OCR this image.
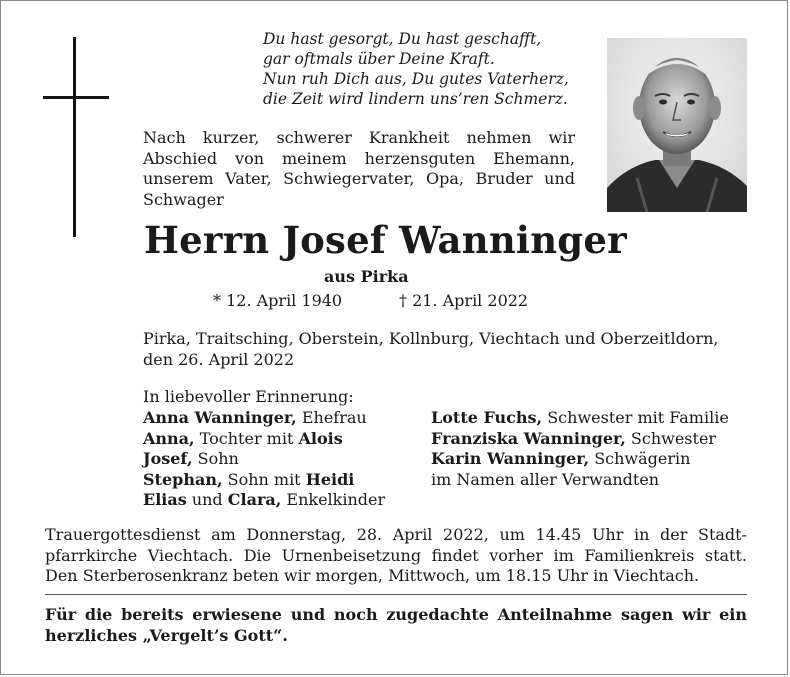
Du hast gesorgt, Du hast geschafft,
gar oftmals über Deine Kraft.
Nun ruh Dich aus, Du gutes Vaterherz,
die Zeit wird lindern uns’ren Schmerz.
Nach kurzer, schwerer Krankheit nehmen wir
Abschied von meinem herzensguten Ehemann,
unserem Vater, Schwiegervater, Opa, Bruder und
Schwager
Herrn Josef Wanninger
aus Pirka
* 12. April 1940	† 21. April 2022
Pirka, Traitsching, Oberstein, Kollnburg, Viechtach und Oberzeitldorn,
den 26. April 2022
In liebevoller Erinnerung:
Anna Wanninger, Ehefrau
Anna, Tochter mit Alois
Josef, Sohn
Stephan, Sohn mit Heidi
Elias und Clara, Enkelkinder
Lotte Fuchs, Schwester mit Familie
Franziska Wanninger, Schwester
Karin Wanninger, Schwägerin
im Namen aller Verwandten
Trauergottesdienst am Donnerstag, 28. April 2022, um 14.45 Uhr in der Stadt-
pfarrkirche Viechtach. Die Urnenbeisetzung findet vorher im Familienkreis statt.
Den Sterberosenkranz beten wir morgen, Mittwoch, um 18.15 Uhr in Viechtach.
Für die bereits erwiesene und noch zugedachte Anteilnahme sagen wir ein
herzliches „Vergelt’s Gott“.
